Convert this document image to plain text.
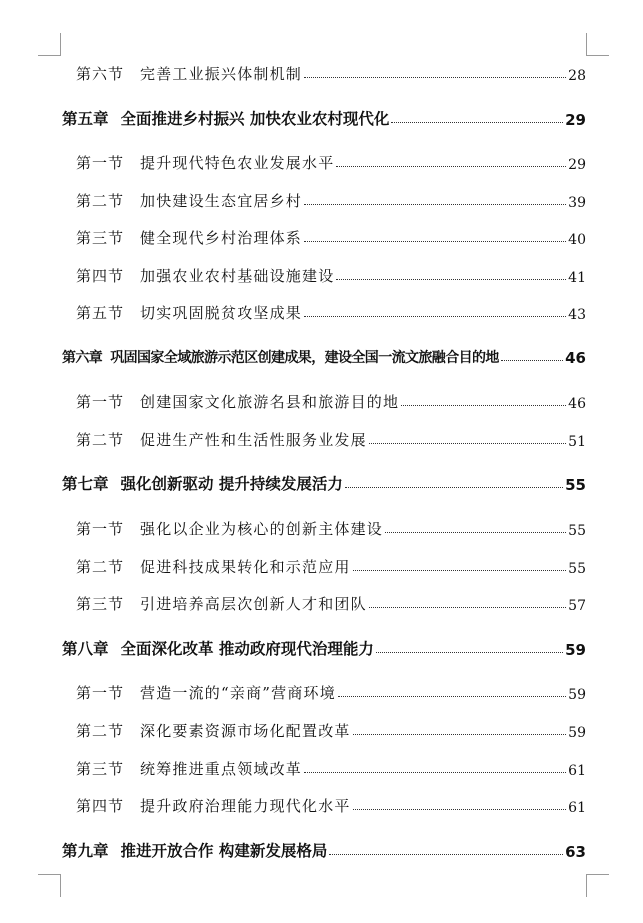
第六节	完善工业振兴体制机制	28
第五章 全面推进乡村振兴 加快农业农村现代化	29
第一节	提升现代特色农业发展水平	29
第二节	加快建设生态宜居乡村	39
第三节	健全现代乡村治理体系	40
第四节	加强农业农村基础设施建设	41
第五节	切实巩固脱贫攻坚成果	43
第六章 巩固国家全域旅游示范区创建成果，建设全国一流文旅融合目的地	46
第一节	创建国家文化旅游名县和旅游目的地	46
第二节	促进生产性和生活性服务业发展	51
第七章 强化创新驱动 提升持续发展活力	55
第一节	强化以企业为核心的创新主体建设	55
第二节	促进科技成果转化和示范应用	55
第三节	引进培养高层次创新人才和团队	57
第八章 全面深化改革 推动政府现代治理能力	59
第一节	营造一流的“亲商”营商环境	59
第二节	深化要素资源市场化配置改革	59
第三节	统筹推进重点领域改革	61
第四节	提升政府治理能力现代化水平	61
第九章 推进开放合作 构建新发展格局	63
